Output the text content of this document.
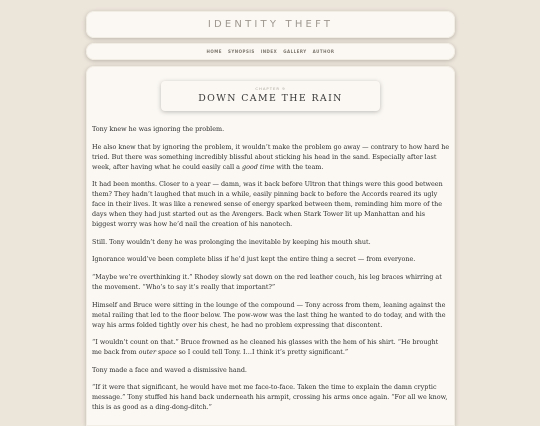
IDENTITY THEFT
HOME SYNOPSIS INDEX GALLERY AUTHOR
CHAPTER 9
DOWN CAME THE RAIN

Tony knew he was ignoring the problem.

He also knew that by ignoring the problem, it wouldn’t make the problem go away — contrary to how hard he tried. But there was something incredibly blissful about sticking his head in the sand. Especially after last week, after having what he could easily call a good time with the team.

It had been months. Closer to a year — damn, was it back before Ultron that things were this good between them? They hadn’t laughed that much in a while, easily pinning back to before the Accords reared its ugly face in their lives. It was like a renewed sense of energy sparked between them, reminding him more of the days when they had just started out as the Avengers. Back when Stark Tower lit up Manhattan and his biggest worry was how he’d nail the creation of his nanotech.

Still. Tony wouldn’t deny he was prolonging the inevitable by keeping his mouth shut.

Ignorance would’ve been complete bliss if he’d just kept the entire thing a secret — from everyone.

“Maybe we’re overthinking it.” Rhodey slowly sat down on the red leather couch, his leg braces whirring at the movement. “Who’s to say it’s really that important?”

Himself and Bruce were sitting in the lounge of the compound — Tony across from them, leaning against the metal railing that led to the floor below. The pow-wow was the last thing he wanted to do today, and with the way his arms folded tightly over his chest, he had no problem expressing that discontent.

“I wouldn’t count on that.” Bruce frowned as he cleaned his glasses with the hem of his shirt. “He brought me back from outer space so I could tell Tony. I…I think it’s pretty significant.”

Tony made a face and waved a dismissive hand.

“If it were that significant, he would have met me face-to-face. Taken the time to explain the damn cryptic message.” Tony stuffed his hand back underneath his armpit, crossing his arms once again. “For all we know, this is as good as a ding-dong-ditch.”
